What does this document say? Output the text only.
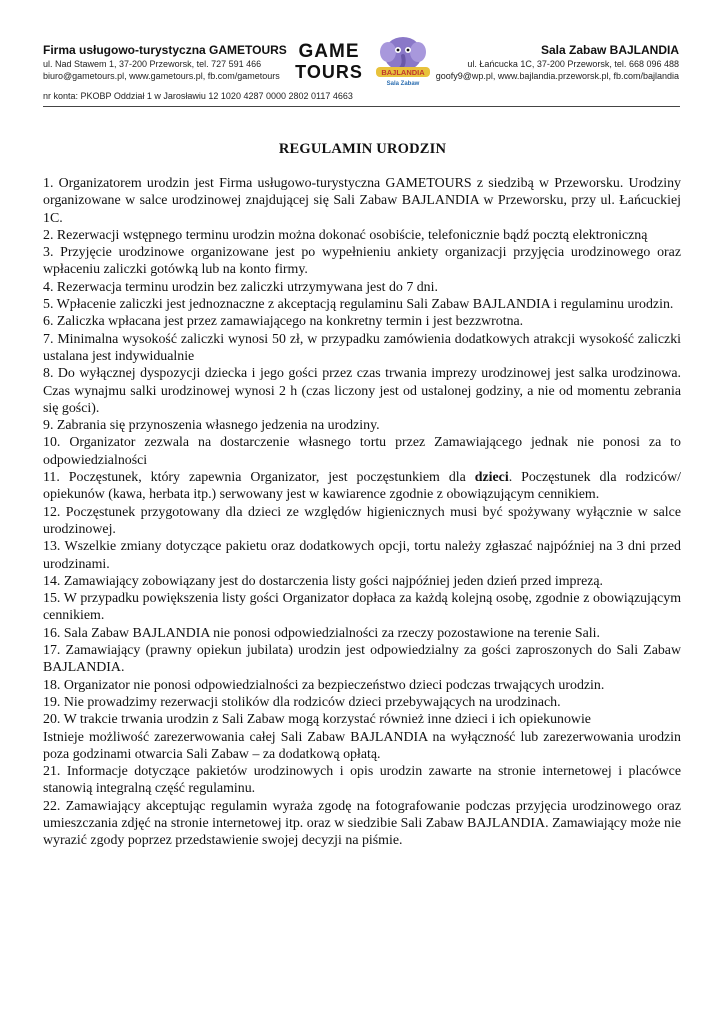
Firma usługowo-turystyczna GAMETOURS
ul. Nad Stawem 1, 37-200 Przeworsk, tel. 727 591 466
biuro@gametours.pl, www.gametours.pl, fb.com/gametours
GAME
TOURS BAJLANDIA
Sala Zabaw
Sala Zabaw BAJLANDIA
ul. Łańcucka 1C, 37-200 Przeworsk, tel. 668 096 488
goofy9@wp.pl, www.bajlandia.przeworsk.pl, fb.com/bajlandia
nr konta: PKOBP Oddział 1 w Jarosławiu 12 1020 4287 0000 2802 0117 4663
REGULAMIN URODZIN

1. Organizatorem urodzin jest Firma usługowo-turystyczna GAMETOURS z siedzibą w Przeworsku. Urodziny organizowane w salce urodzinowej znajdującej się Sali Zabaw BAJLANDIA w Przeworsku, przy ul. Łańcuckiej 1C.

2. Rezerwacji wstępnego terminu urodzin można dokonać osobiście, telefonicznie bądź pocztą elektroniczną

3. Przyjęcie urodzinowe organizowane jest po wypełnieniu ankiety organizacji przyjęcia urodzinowego oraz wpłaceniu zaliczki gotówką lub na konto firmy.

4. Rezerwacja terminu urodzin bez zaliczki utrzymywana jest do 7 dni.

5. Wpłacenie zaliczki jest jednoznaczne z akceptacją regulaminu Sali Zabaw BAJLANDIA i regulaminu urodzin.

6. Zaliczka wpłacana jest przez zamawiającego na konkretny termin i jest bezzwrotna.

7. Minimalna wysokość zaliczki wynosi 50 zł, w przypadku zamówienia dodatkowych atrakcji wysokość zaliczki ustalana jest indywidualnie

8. Do wyłącznej dyspozycji dziecka i jego gości przez czas trwania imprezy urodzinowej jest salka urodzinowa. Czas wynajmu salki urodzinowej wynosi 2 h (czas liczony jest od ustalonej godziny, a nie od momentu zebrania się gości).

9. Zabrania się przynoszenia własnego jedzenia na urodziny.

10. Organizator zezwala na dostarczenie własnego tortu przez Zamawiającego jednak nie ponosi za to odpowiedzialności

11. Poczęstunek, który zapewnia Organizator, jest poczęstunkiem dla dzieci. Poczęstunek dla rodziców/ opiekunów (kawa, herbata itp.) serwowany jest w kawiarence zgodnie z obowiązującym cennikiem.

12. Poczęstunek przygotowany dla dzieci ze względów higienicznych musi być spożywany wyłącznie w salce urodzinowej.

13. Wszelkie zmiany dotyczące pakietu oraz dodatkowych opcji, tortu należy zgłaszać najpóźniej na 3 dni przed urodzinami.

14. Zamawiający zobowiązany jest do dostarczenia listy gości najpóźniej jeden dzień przed imprezą.

15. W przypadku powiększenia listy gości Organizator dopłaca za każdą kolejną osobę, zgodnie z obowiązującym cennikiem.

16. Sala Zabaw BAJLANDIA nie ponosi odpowiedzialności za rzeczy pozostawione na terenie Sali.

17. Zamawiający (prawny opiekun jubilata) urodzin jest odpowiedzialny za gości zaproszonych do Sali Zabaw BAJLANDIA.

18. Organizator nie ponosi odpowiedzialności za bezpieczeństwo dzieci podczas trwających urodzin.

19. Nie prowadzimy rezerwacji stolików dla rodziców dzieci przebywających na urodzinach.

20. W trakcie trwania urodzin z Sali Zabaw mogą korzystać również inne dzieci i ich opiekunowie

Istnieje możliwość zarezerwowania całej Sali Zabaw BAJLANDIA na wyłączność lub zarezerwowania urodzin poza godzinami otwarcia Sali Zabaw – za dodatkową opłatą.

21. Informacje dotyczące pakietów urodzinowych i opis urodzin zawarte na stronie internetowej i placówce stanowią integralną część regulaminu.

22. Zamawiający akceptując regulamin wyraża zgodę na fotografowanie podczas przyjęcia urodzinowego oraz umieszczania zdjęć na stronie internetowej itp. oraz w siedzibie Sali Zabaw BAJLANDIA. Zamawiający może nie wyrazić zgody poprzez przedstawienie swojej decyzji na piśmie.
